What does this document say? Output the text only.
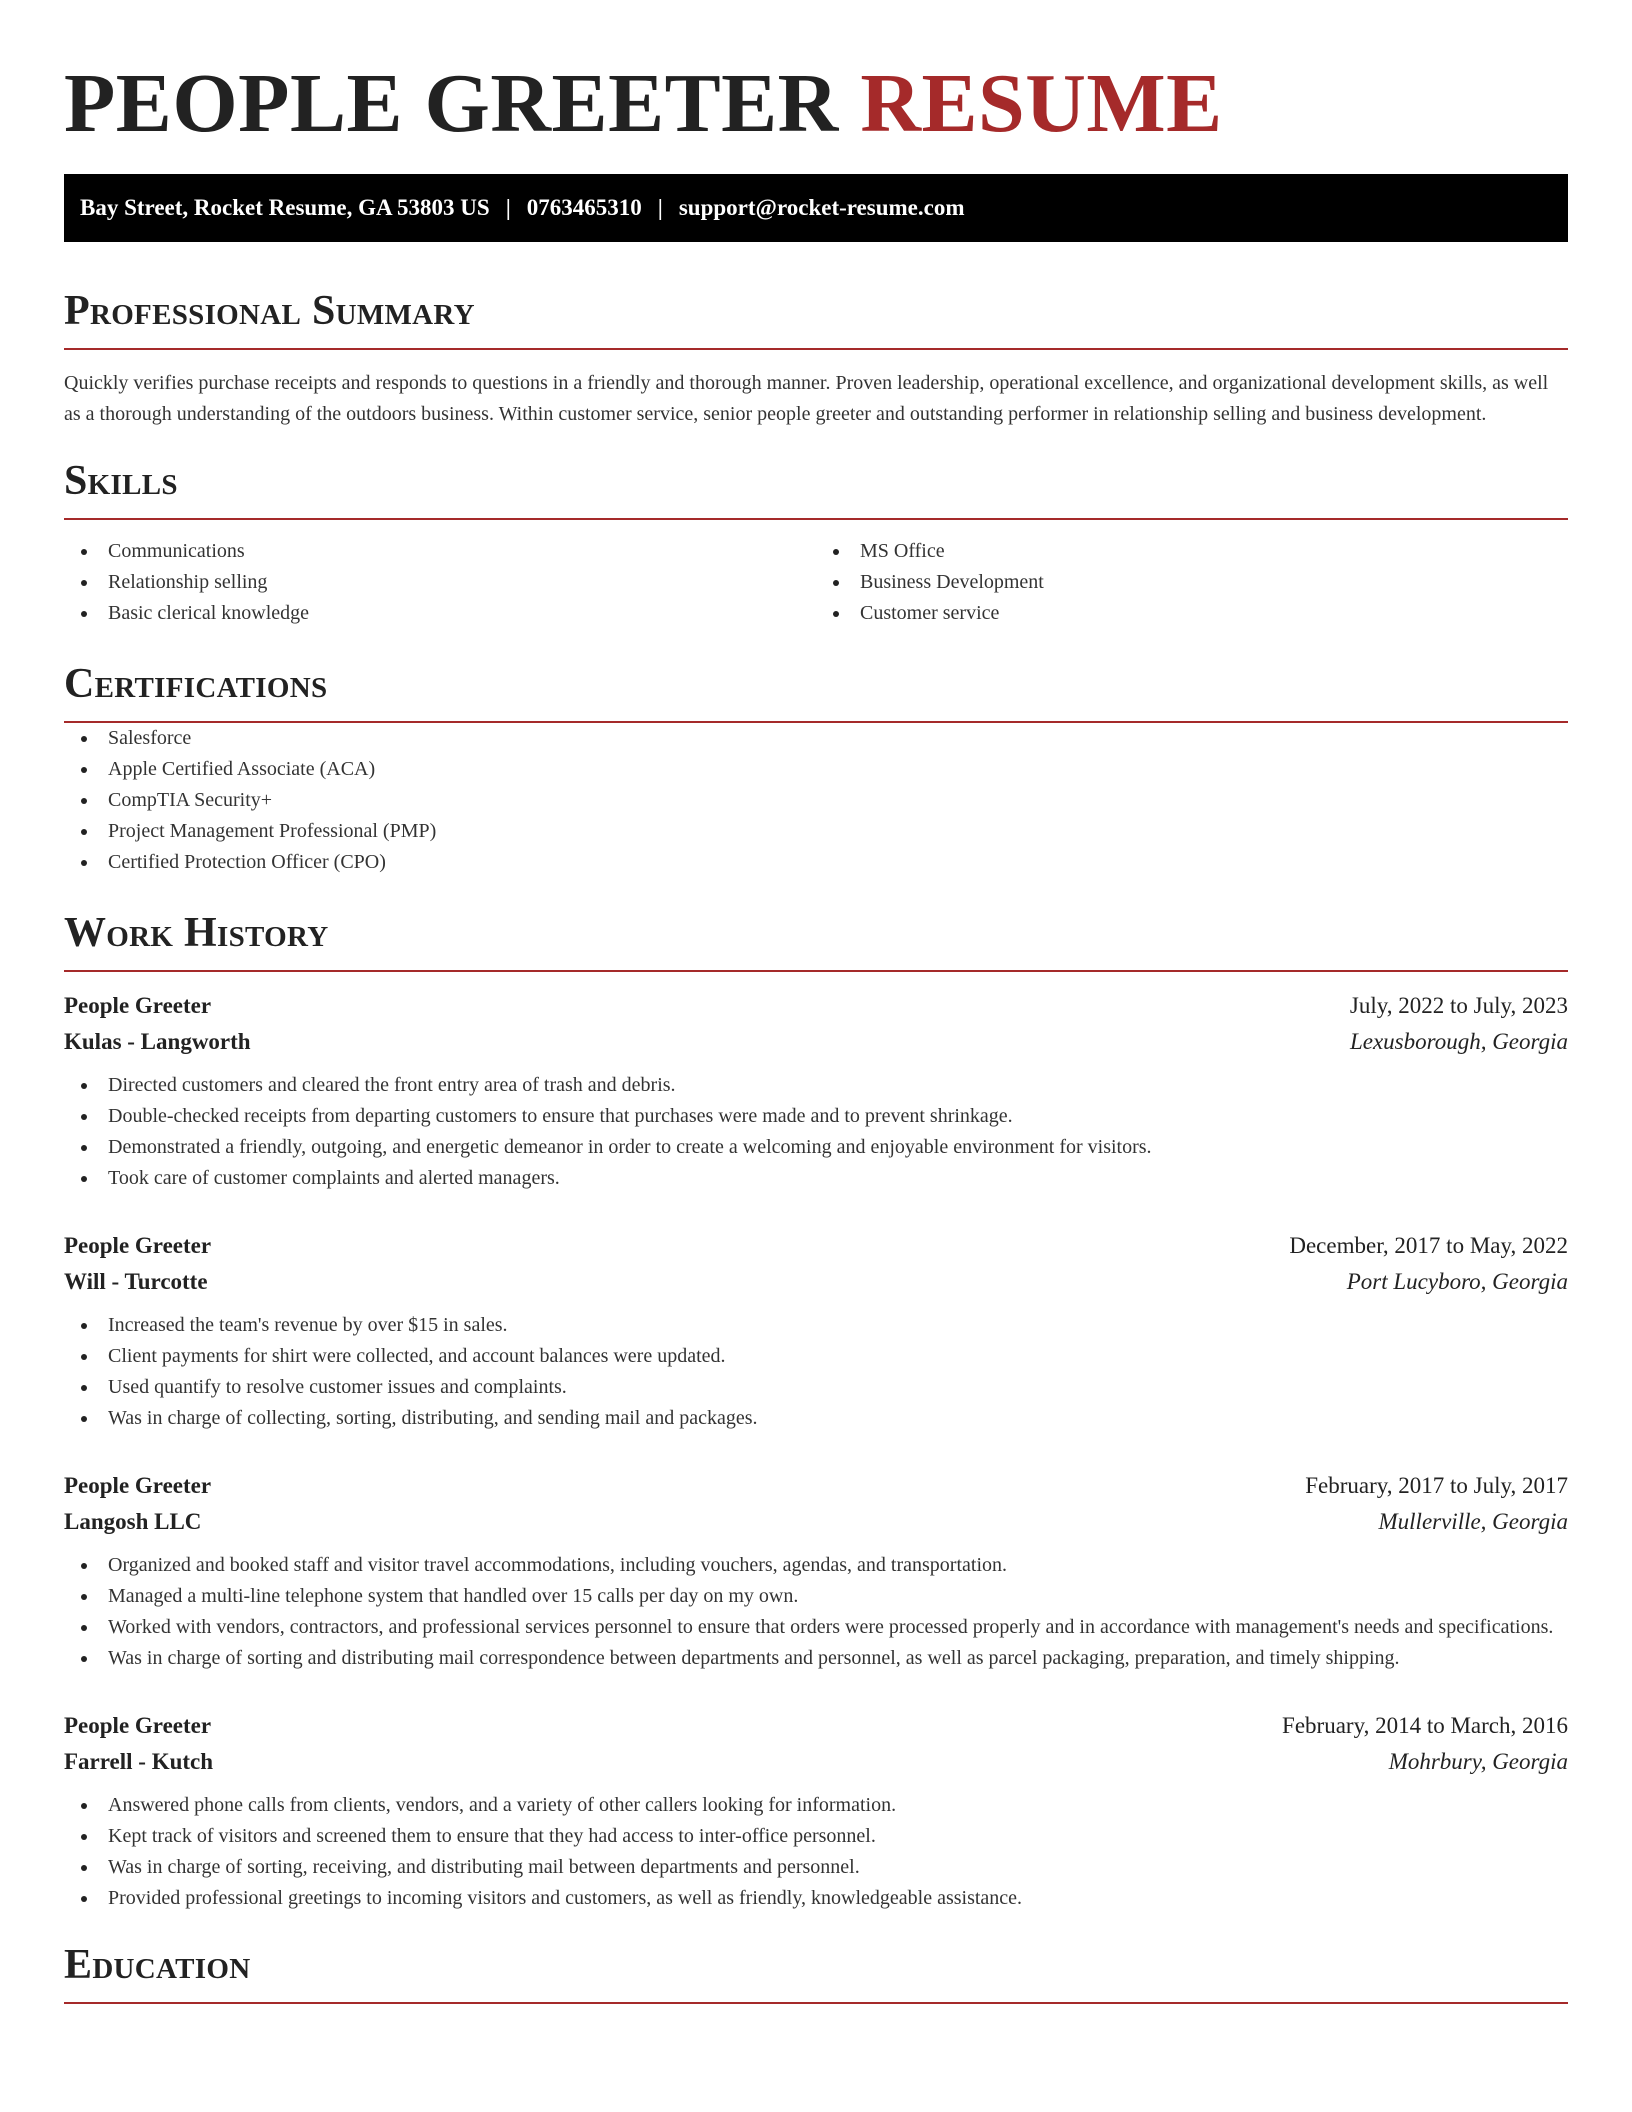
PEOPLE GREETER RESUME
Bay Street, Rocket Resume, GA 53803 US | 0763465310 | support@rocket-resume.com
Professional Summary

Quickly verifies purchase receipts and responds to questions in a friendly and thorough manner. Proven leadership, operational excellence, and organizational development skills, as well as a thorough understanding of the outdoors business. Within customer service, senior people greeter and outstanding performer in relationship selling and business development.

Skills
Communications
Relationship selling
Basic clerical knowledge
MS Office
Business Development
Customer service
Certifications
Salesforce
Apple Certified Associate (ACA)
CompTIA Security+
Project Management Professional (PMP)
Certified Protection Officer (CPO)
Work History
People Greeter	July, 2022 to July, 2023
Kulas - Langworth	Lexusborough, Georgia
Directed customers and cleared the front entry area of trash and debris.
Double-checked receipts from departing customers to ensure that purchases were made and to prevent shrinkage.
Demonstrated a friendly, outgoing, and energetic demeanor in order to create a welcoming and enjoyable environment for visitors.
Took care of customer complaints and alerted managers.
People Greeter	December, 2017 to May, 2022
Will - Turcotte	Port Lucyboro, Georgia
Increased the team's revenue by over $15 in sales.
Client payments for shirt were collected, and account balances were updated.
Used quantify to resolve customer issues and complaints.
Was in charge of collecting, sorting, distributing, and sending mail and packages.
People Greeter	February, 2017 to July, 2017
Langosh LLC	Mullerville, Georgia
Organized and booked staff and visitor travel accommodations, including vouchers, agendas, and transportation.
Managed a multi-line telephone system that handled over 15 calls per day on my own.
Worked with vendors, contractors, and professional services personnel to ensure that orders were processed properly and in accordance with management's needs and specifications.
Was in charge of sorting and distributing mail correspondence between departments and personnel, as well as parcel packaging, preparation, and timely shipping.
People Greeter	February, 2014 to March, 2016
Farrell - Kutch	Mohrbury, Georgia
Answered phone calls from clients, vendors, and a variety of other callers looking for information.
Kept track of visitors and screened them to ensure that they had access to inter-office personnel.
Was in charge of sorting, receiving, and distributing mail between departments and personnel.
Provided professional greetings to incoming visitors and customers, as well as friendly, knowledgeable assistance.
Education
